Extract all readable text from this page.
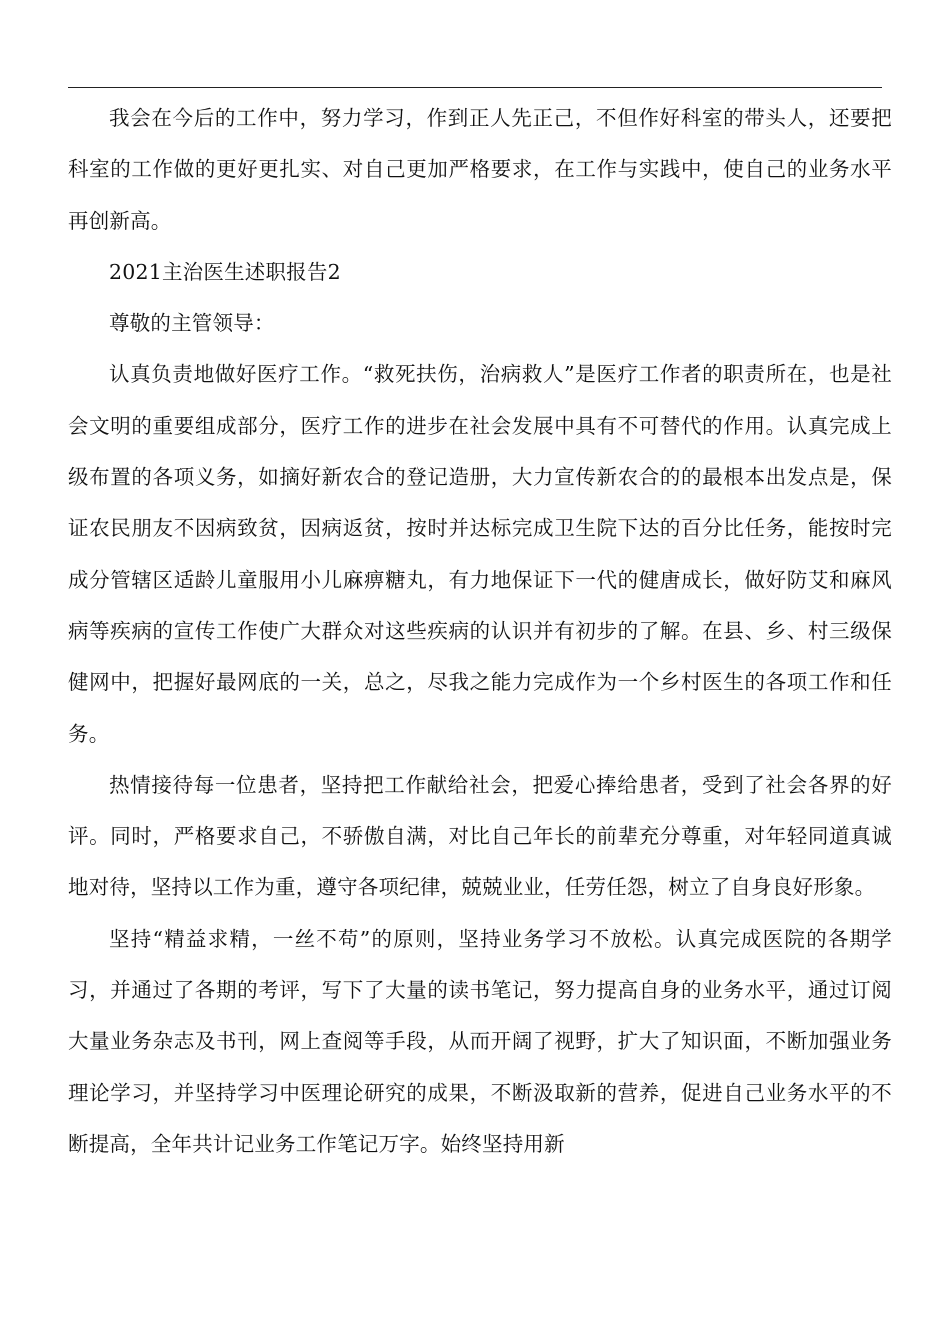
我会在今后的工作中，努力学习，作到正人先正己，不但作好科室的带头人，还要把科室的工作做的更好更扎实、对自己更加严格要求，在工作与实践中，使自己的业务水平再创新高。

2021主治医生述职报告2

尊敬的主管领导：

认真负责地做好医疗工作。“救死扶伤，治病救人”是医疗工作者的职责所在，也是社会文明的重要组成部分，医疗工作的进步在社会发展中具有不可替代的作用。认真完成上级布置的各项义务，如摘好新农合的登记造册，大力宣传新农合的的最根本出发点是，保证农民朋友不因病致贫，因病返贫，按时并达标完成卫生院下达的百分比任务，能按时完成分管辖区适龄儿童服用小儿麻痹糖丸，有力地保证下一代的健唐成长，做好防艾和麻风病等疾病的宣传工作使广大群众对这些疾病的认识并有初步的了解。在县、乡、村三级保健网中，把握好最网底的一关，总之，尽我之能力完成作为一个乡村医生的各项工作和任务。

热情接待每一位患者，坚持把工作献给社会，把爱心捧给患者，受到了社会各界的好评。同时，严格要求自己，不骄傲自满，对比自己年长的前辈充分尊重，对年轻同道真诚地对待，坚持以工作为重，遵守各项纪律，兢兢业业，任劳任怨，树立了自身良好形象。

坚持“精益求精，一丝不苟”的原则，坚持业务学习不放松。认真完成医院的各期学习，并通过了各期的考评，写下了大量的读书笔记，努力提高自身的业务水平，通过订阅大量业务杂志及书刊，网上查阅等手段，从而开阔了视野，扩大了知识面，不断加强业务理论学习，并坚持学习中医理论研究的成果，不断汲取新的营养，促进自己业务水平的不断提高，全年共计记业务工作笔记万字。始终坚持用新
